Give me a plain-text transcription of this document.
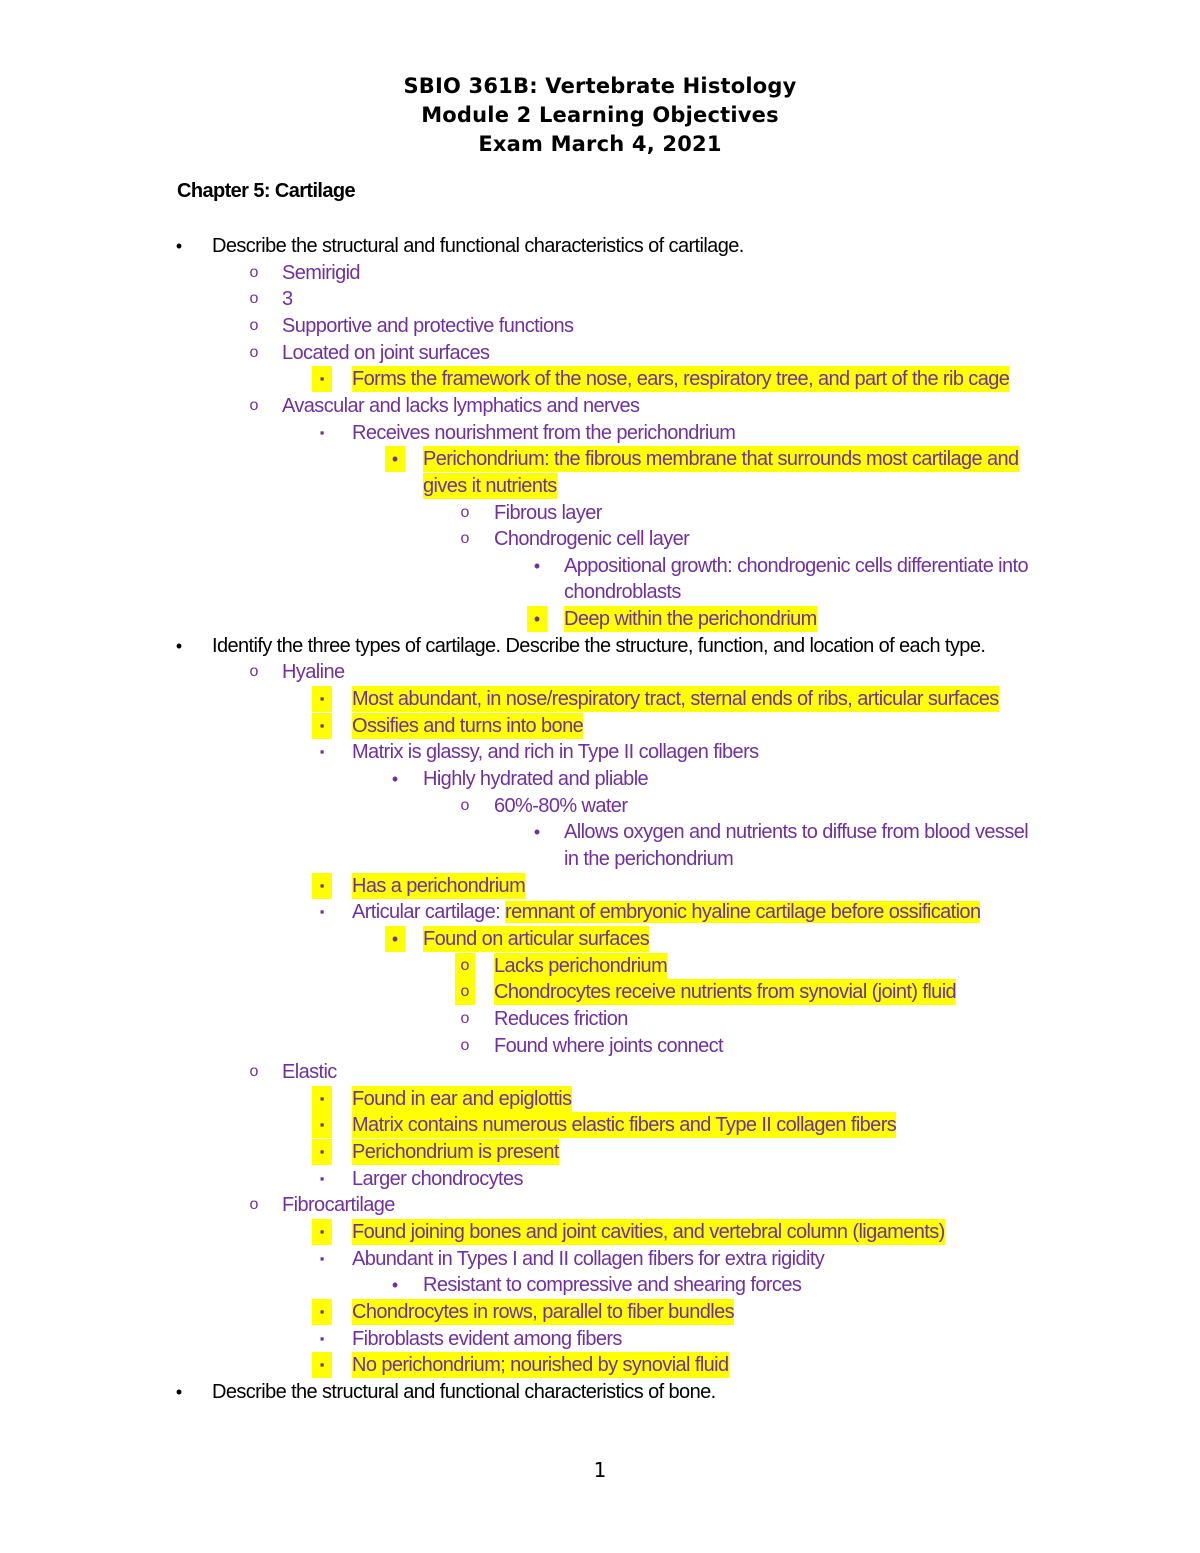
SBIO 361B: Vertebrate Histology
Module 2 Learning Objectives
Exam March 4, 2021
Chapter 5: Cartilage
•	Describe the structural and functional characteristics of cartilage.
o Semirigid
o 3
o Supportive and protective functions
o Located on joint surfaces
▪	Forms the framework of the nose, ears, respiratory tree, and part of the rib cage
o Avascular and lacks lymphatics and nerves
▪	Receives nourishment from the perichondrium
•	Perichondrium: the fibrous membrane that surrounds most cartilage and
gives it nutrients
o Fibrous layer
o Chondrogenic cell layer
•	Appositional growth: chondrogenic cells differentiate into
chondroblasts
•	Deep within the perichondrium
•	Identify the three types of cartilage. Describe the structure, function, and location of each type.
o Hyaline
▪	Most abundant, in nose/respiratory tract, sternal ends of ribs, articular surfaces
▪	Ossifies and turns into bone
▪	Matrix is glassy, and rich in Type II collagen fibers
•	Highly hydrated and pliable
o 60%-80% water
•	Allows oxygen and nutrients to diffuse from blood vessel
in the perichondrium
▪	Has a perichondrium
▪	Articular cartilage: remnant of embryonic hyaline cartilage before ossification
•	Found on articular surfaces
o Lacks perichondrium
o Chondrocytes receive nutrients from synovial (joint) fluid
o Reduces friction
o Found where joints connect
o Elastic
▪	Found in ear and epiglottis
▪	Matrix contains numerous elastic fibers and Type II collagen fibers
▪	Perichondrium is present
▪	Larger chondrocytes
o Fibrocartilage
▪	Found joining bones and joint cavities, and vertebral column (ligaments)
▪	Abundant in Types I and II collagen fibers for extra rigidity
•	Resistant to compressive and shearing forces
▪	Chondrocytes in rows, parallel to fiber bundles
▪	Fibroblasts evident among fibers
▪	No perichondrium; nourished by synovial fluid
•	Describe the structural and functional characteristics of bone.
1
